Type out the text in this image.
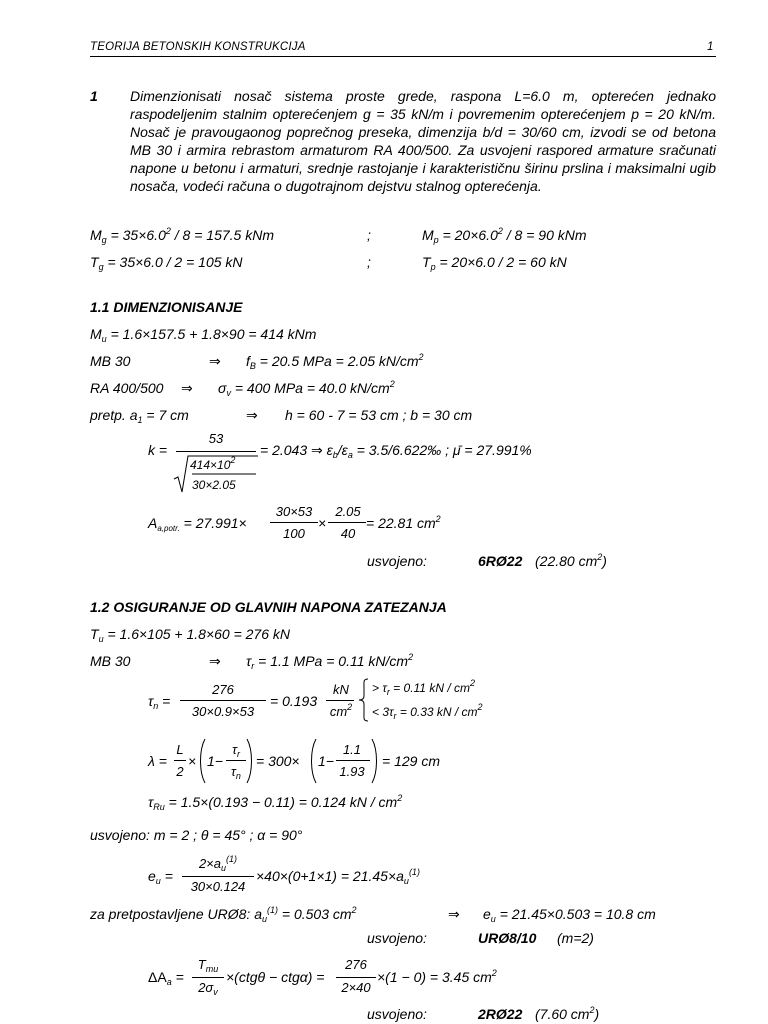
TEORIJA BETONSKIH KONSTRUKCIJA	1
1 Dimenzionisati nosač sistema proste grede, raspona L=6.0 m, opterećen jednako raspodeljenim stalnim opterećenjem g = 35 kN/m i povremenim opterećenjem p = 20 kN/m. Nosač je pravougaonog poprečnog preseka, dimenzija b/d = 30/60 cm, izvodi se od betona MB 30 i armira rebrastom armaturom RA 400/500. Za usvojeni raspored armature sračunati napone u betonu i armaturi, srednje rastojanje i karakterističnu širinu prslina i maksimalni ugib nosača, vodeći računa o dugotrajnom dejstvu stalnog opterećenja.
$M_g = 35\times 6.0^2 / 8 = 157.5$ kNm	;	$M_p = 20\times 6.0^2 / 8 = 90$ kNm
$T_g = 35\times 6.0 / 2 = 105$ kN	;	$T_p = 20\times 6.0 / 2 = 60$ kN
1.1 DIMENZIONISANJE
$M_u = 1.6\times 157.5 + 1.8\times 90 = 414$ kNm
MB 30	⇒ $f_B = 20.5$ MPa = 2.05 $kN/cm^2$
RA 400/500 ⇒ $\sigma_v = 400$ MPa = 40.0 $kN/cm^2$
pretp. $a_1 = 7$ cm	⇒ h = 60 - 7 = 53 cm ; b = 30 cm
k =
53
$414\times 10^2$
30×2.05
= 2.043 ⇒ $\varepsilon_b/\varepsilon_a$ = 3.5/6.622‰ ; μ̄ = 27.991%
$A_{a,potr.} = 27.991\times$
30×53
100
×
2.05
40
= 22.81 $cm^2$
usvojeno:	6RØ22 (22.80 $cm^2$)
1.2 OSIGURANJE OD GLAVNIH NAPONA ZATEZANJA
$T_u = 1.6\times 105 + 1.8\times 60 = 276$ kN
MB 30	⇒ $\tau_r = 1.1$ MPa = 0.11 $kN/cm^2$
$\tau_n$ =
276
30×0.9×53
= 0.193
kN
$cm^2$
> $\tau_r = 0.11$ kN / $cm^2$
< $3\tau_r = 0.33$ kN / $cm^2$
λ =
L
2
× 1−
$\tau_r$
$\tau_n$
= 300× 1−
1.1
1.93
= 129 cm
$\tau_{Ru} = 1.5\times(0.193 - 0.11) = 0.124$ kN / $cm^2$
usvojeno: m = 2 ; θ = 45° ; α = 90°
$e_u$ =
$2\times a_u^{(1)}$
30×0.124
$\times 40\times(0+1\times 1) = 21.45\times a_u^{(1)}$
za pretpostavljene URØ8: $a_u^{(1)} = 0.503$ $cm^2$	⇒ $e_u = 21.45\times 0.503 = 10.8$ cm
usvojeno:	URØ8/10 (m=2)
$\Delta A_a$ =
$T_{mu}$
$2\sigma_v$
×(ctgθ − ctgα) =
276
2×40
×(1 − 0) = 3.45 $cm^2$
usvojeno:	2RØ22 (7.60 $cm^2$)
